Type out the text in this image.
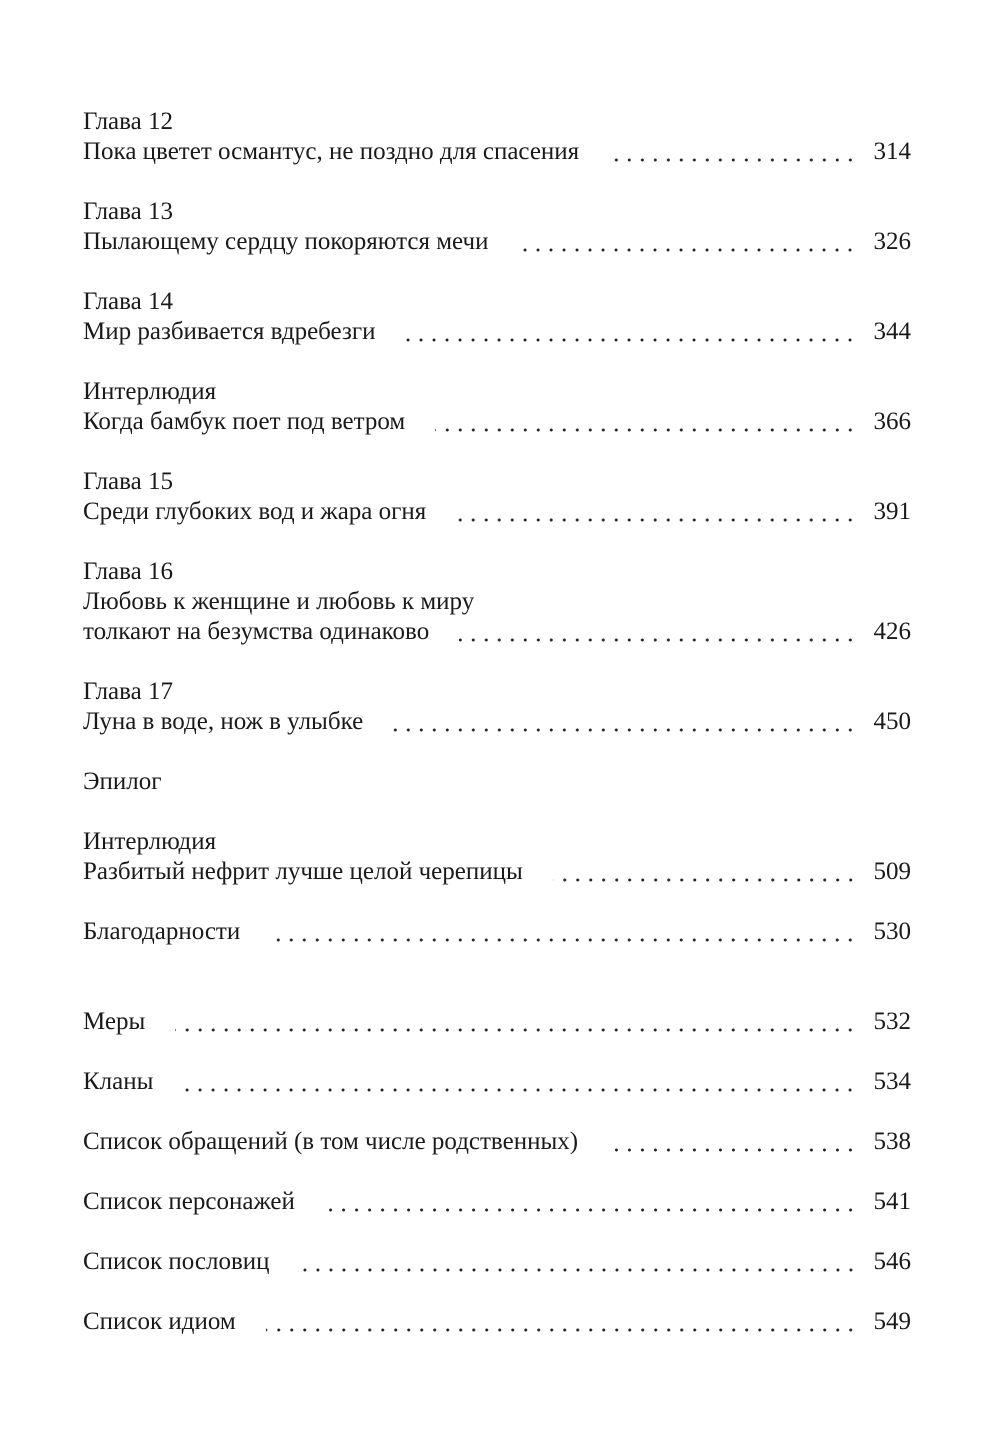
Глава 12
Пока цветет османтус, не поздно для спасения	314
Глава 13
Пылающему сердцу покоряются мечи	326
Глава 14
Мир разбивается вдребезги	344
Интерлюдия
Когда бамбук поет под ветром	366
Глава 15
Среди глубоких вод и жара огня	391
Глава 16
Любовь к женщине и любовь к миру
толкают на безумства одинаково	426
Глава 17
Луна в воде, нож в улыбке	450
Эпилог
Интерлюдия
Разбитый нефрит лучше целой черепицы	509
Благодарности	530
Меры	532
Кланы	534
Список обращений (в том числе родственных)	538
Список персонажей	541
Список пословиц	546
Список идиом	549
